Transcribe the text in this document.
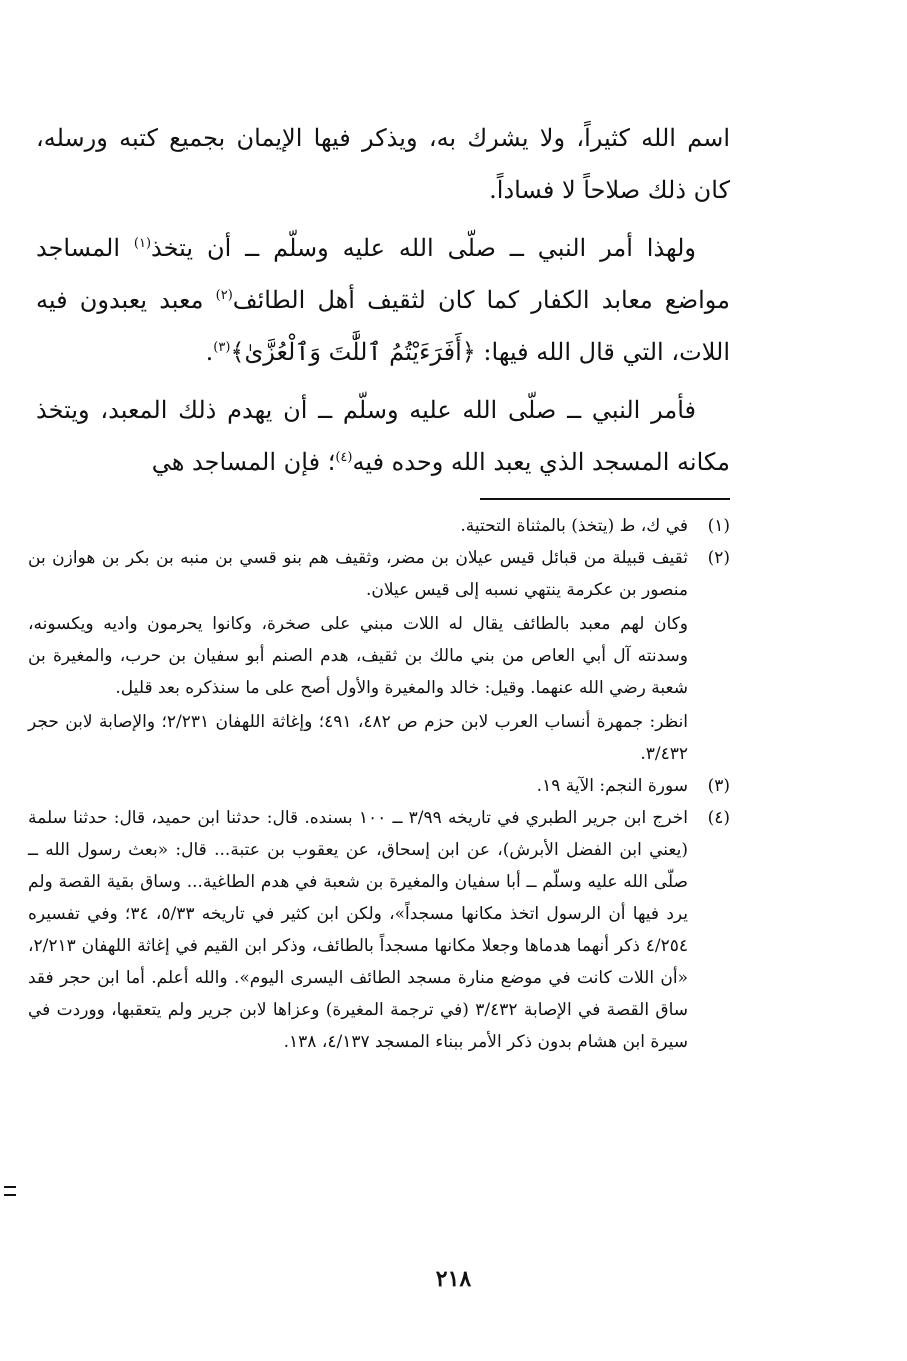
اسم الله كثيراً، ولا يشرك به، ويذكر فيها الإيمان بجميع كتبه ورسله، كان ذلك صلاحاً لا فساداً.

ولهذا أمر النبي ــ صلّى الله عليه وسلّم ــ أن يتخذ$^{(١)}$ المساجد مواضع معابد الكفار كما كان لثقيف أهل الطائف$^{(٢)}$ معبد يعبدون فيه اللات، التي قال الله فيها: ﴿أَفَرَءَيْتُمُ ٱللَّٰتَ وَٱلْعُزَّىٰ﴾$^{(٣)}$.

فأمر النبي ــ صلّى الله عليه وسلّم ــ أن يهدم ذلك المعبد، ويتخذ مكانه المسجد الذي يعبد الله وحده فيه$^{(٤)}$؛ فإن المساجد هي

(١)

في ك، ط (يتخذ) بالمثناة التحتية.

(٢)

ثقيف قبيلة من قبائل قيس عيلان بن مضر، وثقيف هم بنو قسي بن منبه بن بكر بن هوازن بن منصور بن عكرمة ينتهي نسبه إلى قيس عيلان.

وكان لهم معبد بالطائف يقال له اللات مبني على صخرة، وكانوا يحرمون واديه ويكسونه، وسدنته آل أبي العاص من بني مالك بن ثقيف، هدم الصنم أبو سفيان بن حرب، والمغيرة بن شعبة رضي الله عنهما. وقيل: خالد والمغيرة والأول أصح على ما سنذكره بعد قليل.

انظر: جمهرة أنساب العرب لابن حزم ص ٤٨٢، ٤٩١؛ وإغاثة اللهفان ٢/٢٣١؛ والإصابة لابن حجر ٣/٤٣٢.

(٣)

سورة النجم: الآية ١٩.

(٤)

اخرج ابن جرير الطبري في تاريخه ٣/٩٩ ــ ١٠٠ بسنده. قال: حدثنا ابن حميد، قال: حدثنا سلمة (يعني ابن الفضل الأبرش)، عن ابن إسحاق، عن يعقوب بن عتبة... قال: «بعث رسول الله ــ صلّى الله عليه وسلّم ــ أبا سفيان والمغيرة بن شعبة في هدم الطاغية... وساق بقية القصة ولم يرد فيها أن الرسول اتخذ مكانها مسجداً»، ولكن ابن كثير في تاريخه ٥/٣٣، ٣٤؛ وفي تفسيره ٤/٢٥٤ ذكر أنهما هدماها وجعلا مكانها مسجداً بالطائف، وذكر ابن القيم في إغاثة اللهفان ٢/٢١٣، «أن اللات كانت في موضع منارة مسجد الطائف اليسرى اليوم». والله أعلم. أما ابن حجر فقد ساق القصة في الإصابة ٣/٤٣٢ (في ترجمة المغيرة) وعزاها لابن جرير ولم يتعقبها، ووردت في سيرة ابن هشام بدون ذكر الأمر ببناء المسجد ٤/١٣٧، ١٣٨.

٢١٨
